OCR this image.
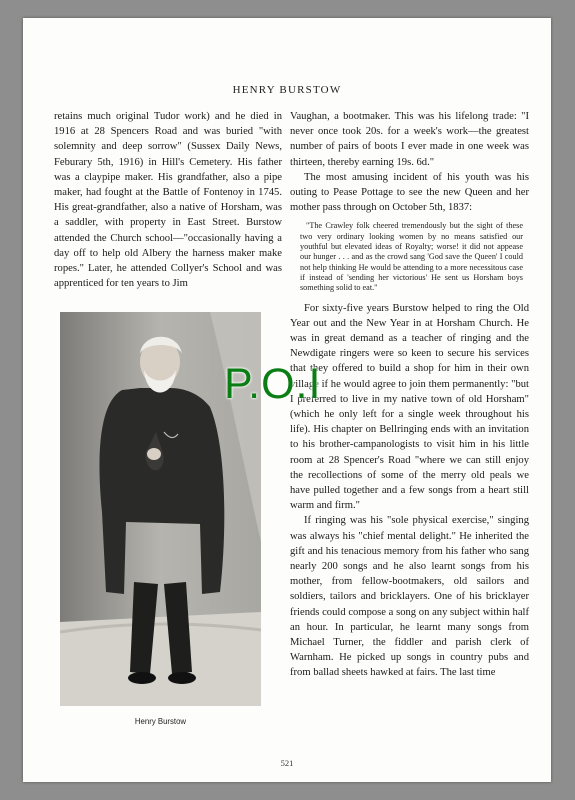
HENRY BURSTOW

retains much original Tudor work) and he died in 1916 at 28 Spencers Road and was buried "with solemnity and deep sorrow" (Sussex Daily News, Feburary 5th, 1916) in Hill's Cemetery. His father was a claypipe maker. His grandfather, also a pipe maker, had fought at the Battle of Fontenoy in 1745. His great-grandfather, also a native of Horsham, was a saddler, with property in East Street. Burstow attended the Church school—"occasionally having a day off to help old Albery the harness maker make ropes." Later, he attended Collyer's School and was apprenticed for ten years to Jim

Henry Burstow

Vaughan, a bootmaker. This was his lifelong trade: "I never once took 20s. for a week's work—the greatest number of pairs of boots I ever made in one week was thirteen, thereby earning 19s. 6d."

The most amusing incident of his youth was his outing to Pease Pottage to see the new Queen and her mother pass through on October 5th, 1837:

"The Crawley folk cheered tremendously but the sight of these two very ordinary looking women by no means satisfied our youthful but elevated ideas of Royalty; worse! it did not appease our hunger . . . and as the crowd sang 'God save the Queen' I could not help thinking He would be attending to a more necessitous case if instead of 'sending her victorious' He sent us Horsham boys something solid to eat."

For sixty-five years Burstow helped to ring the Old Year out and the New Year in at Horsham Church. He was in great demand as a teacher of ringing and the Newdigate ringers were so keen to secure his services that they offered to build a shop for him in their own village if he would agree to join them permanently: "but I preferred to live in my native town of old Horsham" (which he only left for a single week throughout his life). His chapter on Bellringing ends with an invitation to his brother-campanologists to visit him in his little room at 28 Spencer's Road "where we can still enjoy the recollections of some of the merry old peals we have pulled together and a few songs from a heart still warm and firm."

If ringing was his "sole physical exercise," singing was always his "chief mental delight." He inherited the gift and his tenacious memory from his father who sang nearly 200 songs and he also learnt songs from his mother, from fellow-bootmakers, old sailors and soldiers, tailors and bricklayers. One of his bricklayer friends could compose a song on any subject within half an hour. In particular, he learnt many songs from Michael Turner, the fiddler and parish clerk of Warnham. He picked up songs in country pubs and from ballad sheets hawked at fairs. The last time

521
P.O.I
